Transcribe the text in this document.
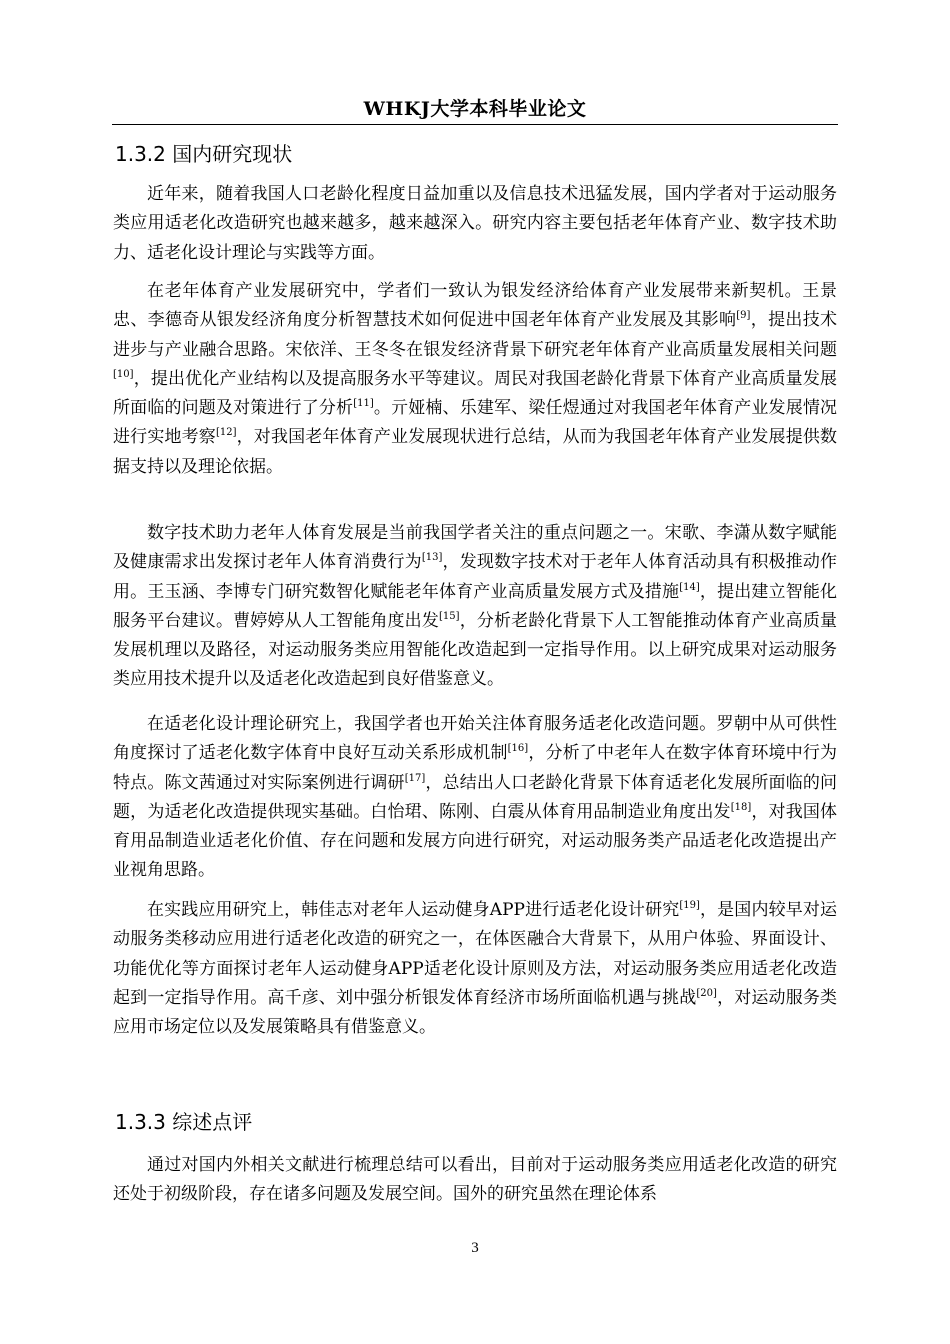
WHKJ大学本科毕业论文
1.3.2 国内研究现状

近年来，随着我国人口老龄化程度日益加重以及信息技术迅猛发展，国内学者对于运动服务类应用适老化改造研究也越来越多，越来越深入。研究内容主要包括老年体育产业、数字技术助力、适老化设计理论与实践等方面。

在老年体育产业发展研究中，学者们一致认为银发经济给体育产业发展带来新契机。王景忠、李德奇从银发经济角度分析智慧技术如何促进中国老年体育产业发展及其影响[9]，提出技术进步与产业融合思路。宋依洋、王冬冬在银发经济背景下研究老年体育产业高质量发展相关问题[10]，提出优化产业结构以及提高服务水平等建议。周民对我国老龄化背景下体育产业高质量发展所面临的问题及对策进行了分析[11]。亓娅楠、乐建军、梁任煜通过对我国老年体育产业发展情况进行实地考察[12]，对我国老年体育产业发展现状进行总结，从而为我国老年体育产业发展提供数据支持以及理论依据。

数字技术助力老年人体育发展是当前我国学者关注的重点问题之一。宋歌、李潇从数字赋能及健康需求出发探讨老年人体育消费行为[13]，发现数字技术对于老年人体育活动具有积极推动作用。王玉涵、李博专门研究数智化赋能老年体育产业高质量发展方式及措施[14]，提出建立智能化服务平台建议。曹婷婷从人工智能角度出发[15]，分析老龄化背景下人工智能推动体育产业高质量发展机理以及路径，对运动服务类应用智能化改造起到一定指导作用。以上研究成果对运动服务类应用技术提升以及适老化改造起到良好借鉴意义。

在适老化设计理论研究上，我国学者也开始关注体育服务适老化改造问题。罗朝中从可供性角度探讨了适老化数字体育中良好互动关系形成机制[16]，分析了中老年人在数字体育环境中行为特点。陈文茜通过对实际案例进行调研[17]，总结出人口老龄化背景下体育适老化发展所面临的问题，为适老化改造提供现实基础。白怡珺、陈刚、白震从体育用品制造业角度出发[18]，对我国体育用品制造业适老化价值、存在问题和发展方向进行研究，对运动服务类产品适老化改造提出产业视角思路。

在实践应用研究上，韩佳志对老年人运动健身APP进行适老化设计研究[19]，是国内较早对运动服务类移动应用进行适老化改造的研究之一，在体医融合大背景下，从用户体验、界面设计、功能优化等方面探讨老年人运动健身APP适老化设计原则及方法，对运动服务类应用适老化改造起到一定指导作用。高千彦、刘中强分析银发体育经济市场所面临机遇与挑战[20]，对运动服务类应用市场定位以及发展策略具有借鉴意义。

1.3.3 综述点评

通过对国内外相关文献进行梳理总结可以看出，目前对于运动服务类应用适老化改造的研究还处于初级阶段，存在诸多问题及发展空间。国外的研究虽然在理论体系

3
